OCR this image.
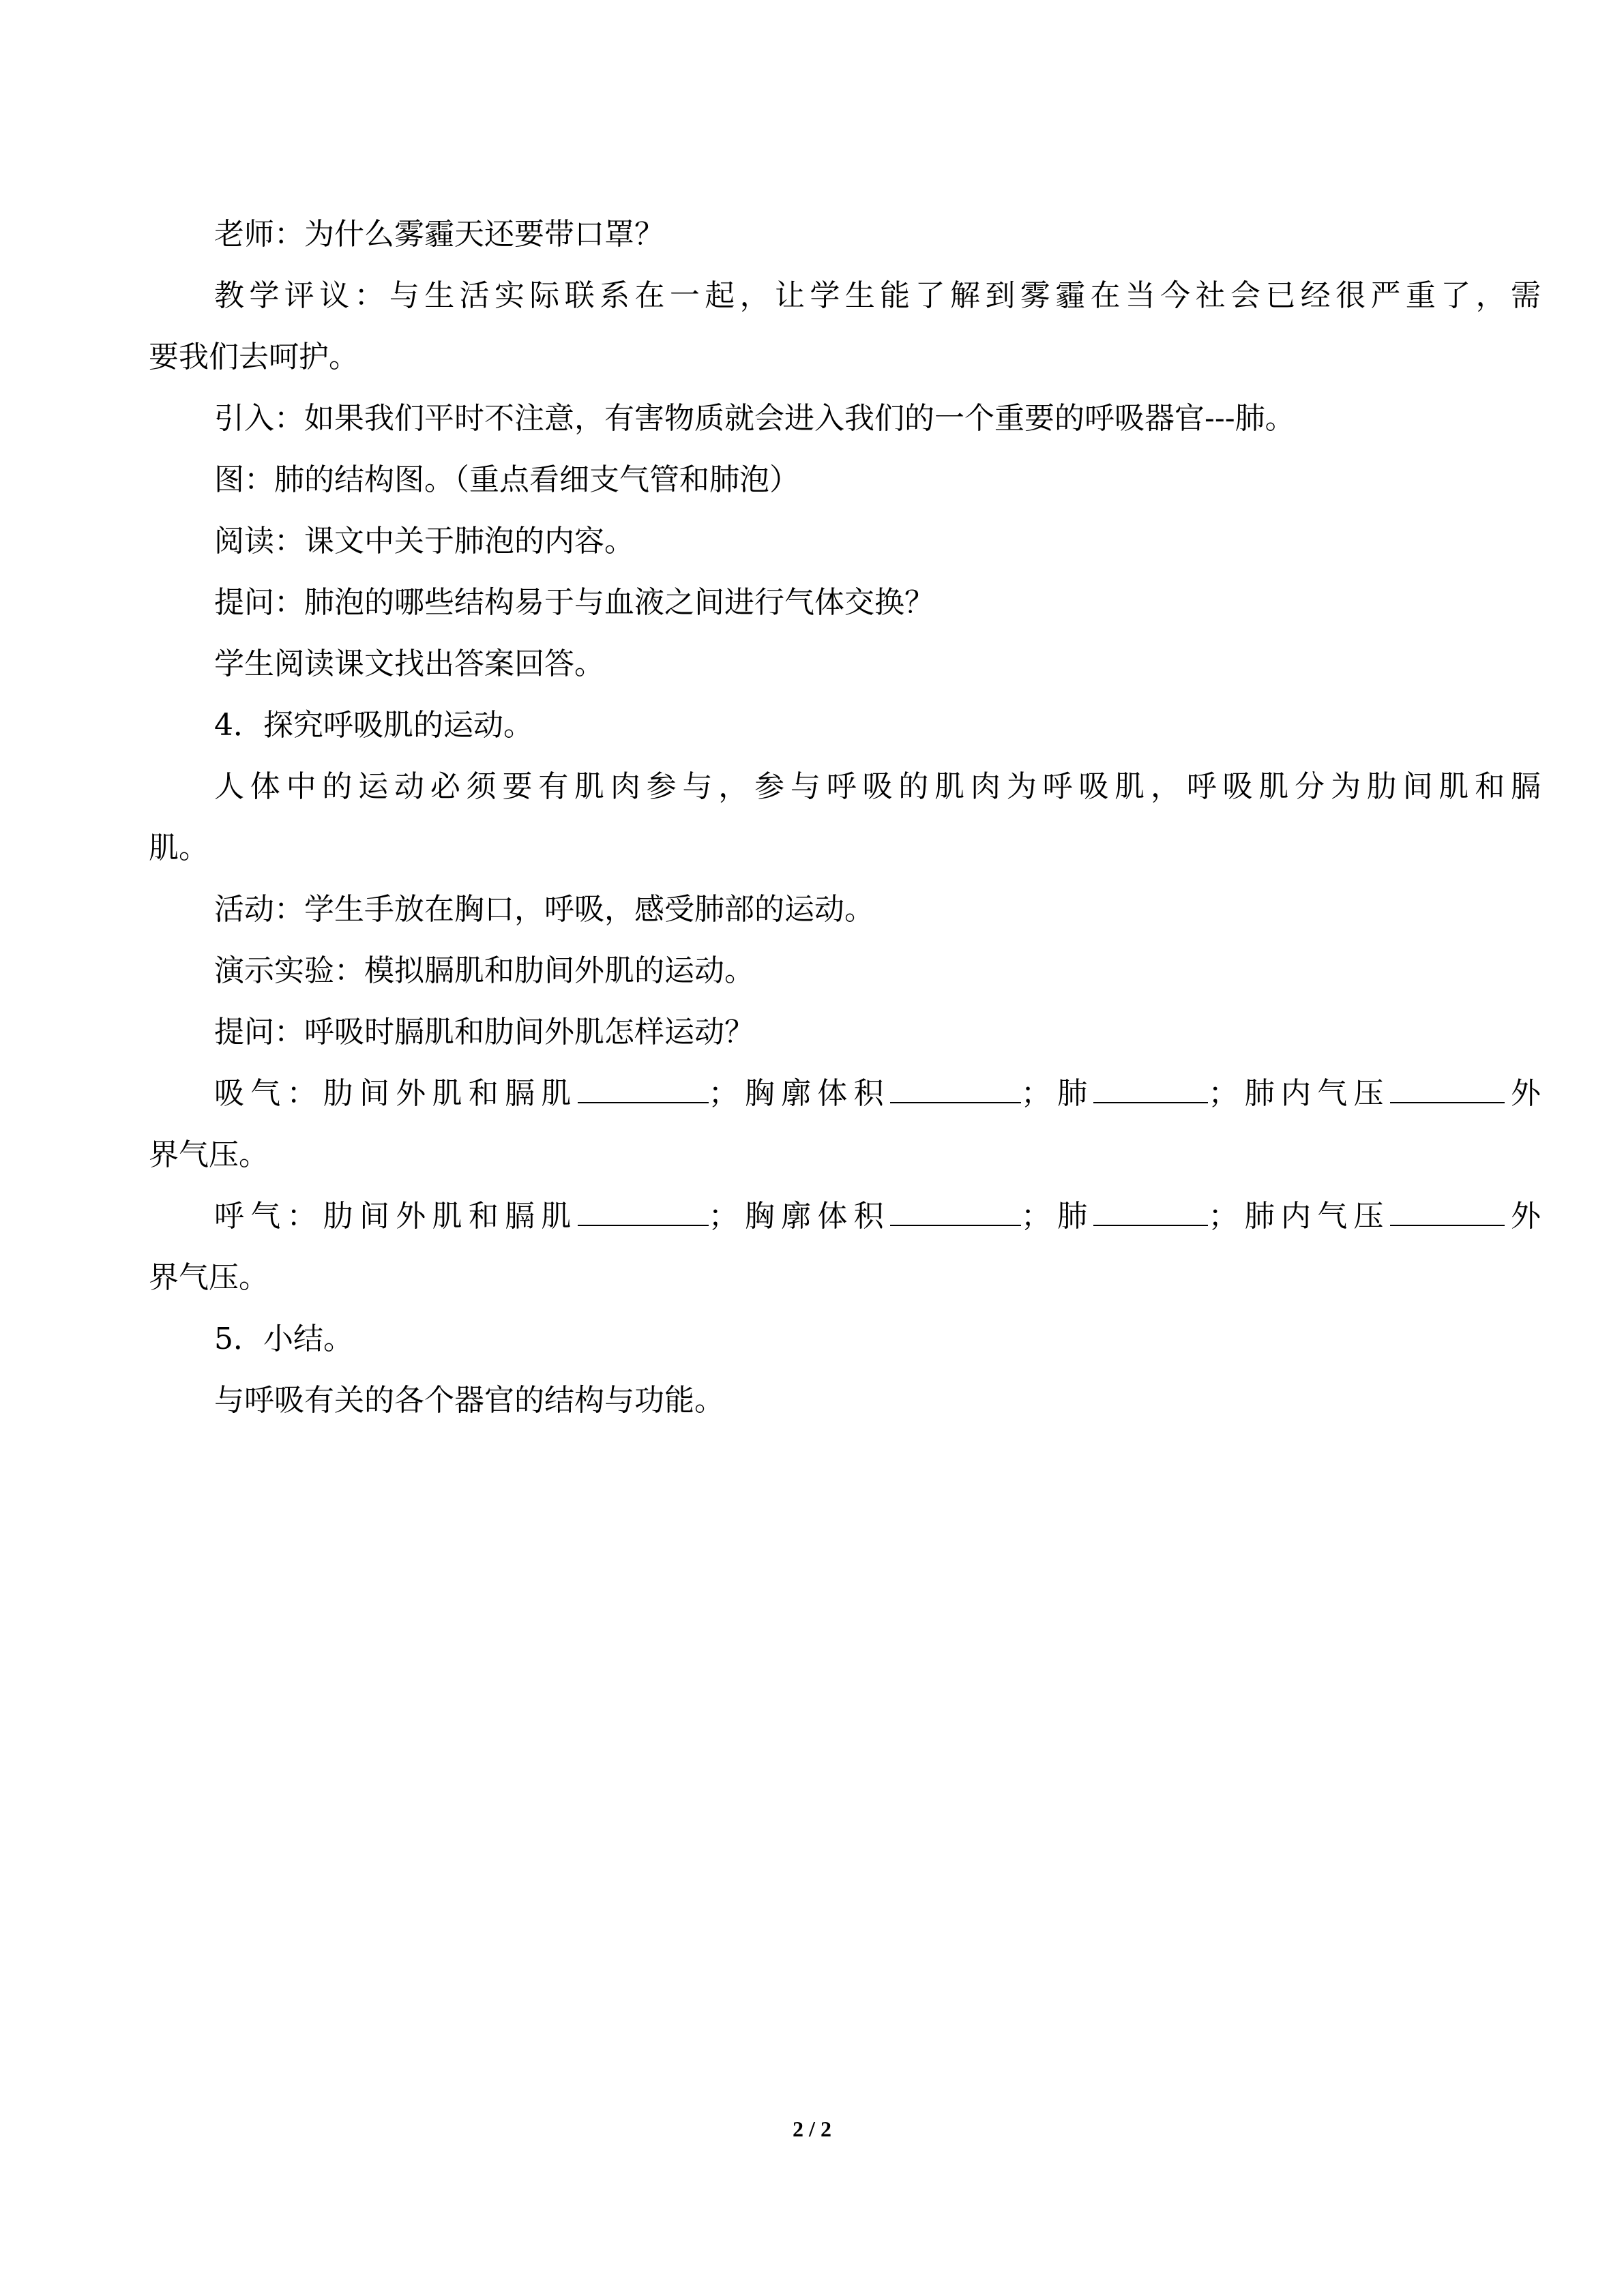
老师：为什么雾霾天还要带口罩？
教学评议：与生活实际联系在一起，让学生能了解到雾霾在当今社会已经很严重了，需
要我们去呵护。
引入：如果我们平时不注意，有害物质就会进入我们的一个重要的呼吸器官---肺。
图：肺的结构图。（重点看细支气管和肺泡）
阅读：课文中关于肺泡的内容。
提问：肺泡的哪些结构易于与血液之间进行气体交换？
学生阅读课文找出答案回答。
4．探究呼吸肌的运动。
人体中的运动必须要有肌肉参与，参与呼吸的肌肉为呼吸肌，呼吸肌分为肋间肌和膈
肌。
活动：学生手放在胸口，呼吸，感受肺部的运动。
演示实验：模拟膈肌和肋间外肌的运动。
提问：呼吸时膈肌和肋间外肌怎样运动？
吸气：肋间外肌和膈肌	；胸廓体积	；肺	；肺内气压	外
界气压。
呼气：肋间外肌和膈肌	；胸廓体积	；肺	；肺内气压	外
界气压。
5．小结。
与呼吸有关的各个器官的结构与功能。
2 / 2
